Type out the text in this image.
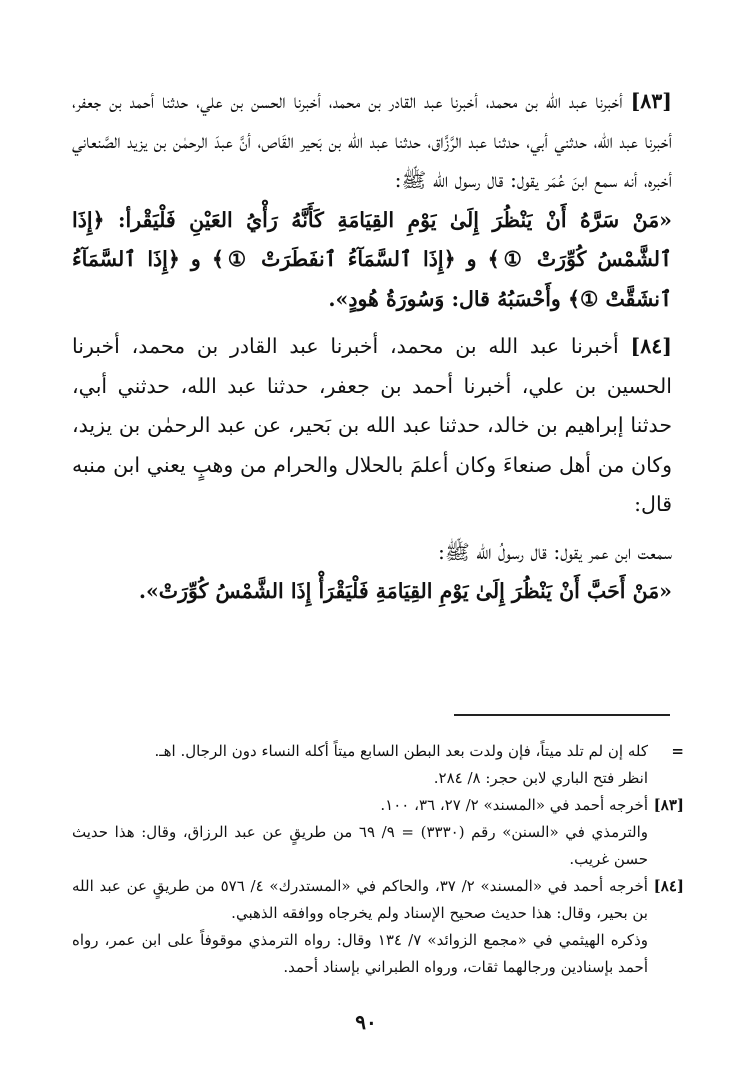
[٨٣] أخبرنا عبد الله بن محمد، أخبرنا عبد القادر بن محمد، أخبرنا الحسن بن علي، حدثنا أحمد بن جعفر، أخبرنا عبد الله، حدثني أبي، حدثنا عبد الرَّزَّاق، حدثنا عبد الله بن بَحير القَاص، أنَّ عبدَ الرحمٰن بن يزيد الصَّنعاني أخبره، أنه سمع ابنَ عُمَر يقول: قال رسول الله ﷺ:

«مَنْ سَرَّهُ أَنْ يَنْظُرَ إِلَىٰ يَوْمِ القِيَامَةِ كَأَنَّهُ رَأْيُ العَيْنِ فَلْيَقْرأ: ﴿إِذَا ٱلشَّمْسُ كُوِّرَتْ ①﴾ و ﴿إِذَا ٱلسَّمَآءُ ٱنفَطَرَتْ ①﴾ و ﴿إِذَا ٱلسَّمَآءُ ٱنشَقَّتْ ①﴾ وأَحْسَبُهُ قال: وَسُورَةُ هُودٍ».

[٨٤] أخبرنا عبد الله بن محمد، أخبرنا عبد القادر بن محمد، أخبرنا الحسين بن علي، أخبرنا أحمد بن جعفر، حدثنا عبد الله، حدثني أبي، حدثنا إبراهيم بن خالد، حدثنا عبد الله بن بَحير، عن عبد الرحمٰن بن يزيد، وكان من أهل صنعاءَ وكان أعلمَ بالحلال والحرام من وهبٍ يعني ابن منبه قال:

سمعت ابن عمر يقول: قال رسولُ الله ﷺ:

«مَنْ أَحَبَّ أَنْ يَنْظُرَ إِلَىٰ يَوْمِ القِيَامَةِ فَلْيَقْرَأْ إِذَا الشَّمْسُ كُوِّرَتْ».

=
كله إن لم تلد ميتاً، فإن ولدت بعد البطن السابع ميتاً أكله النساء دون الرجال. اهـ.
انظر فتح الباري لابن حجر: ٨/ ٢٨٤.
[٨٣]
أخرجه أحمد في «المسند» ٢/ ٢٧، ٣٦، ١٠٠.
والترمذي في «السنن» رقم (٣٣٣٠) = ٩/ ٦٩ من طريقٍ عن عبد الرزاق، وقال: هذا حديث حسن غريب.
[٨٤]
أخرجه أحمد في «المسند» ٢/ ٣٧، والحاكم في «المستدرك» ٤/ ٥٧٦ من طريقٍ عن عبد الله بن بحير، وقال: هذا حديث صحيح الإسناد ولم يخرجاه ووافقه الذهبي.
وذكره الهيثمي في «مجمع الزوائد» ٧/ ١٣٤ وقال: رواه الترمذي موقوفاً على ابن عمر، رواه أحمد بإسنادين ورجالهما ثقات، ورواه الطبراني بإسناد أحمد.
٩٠
